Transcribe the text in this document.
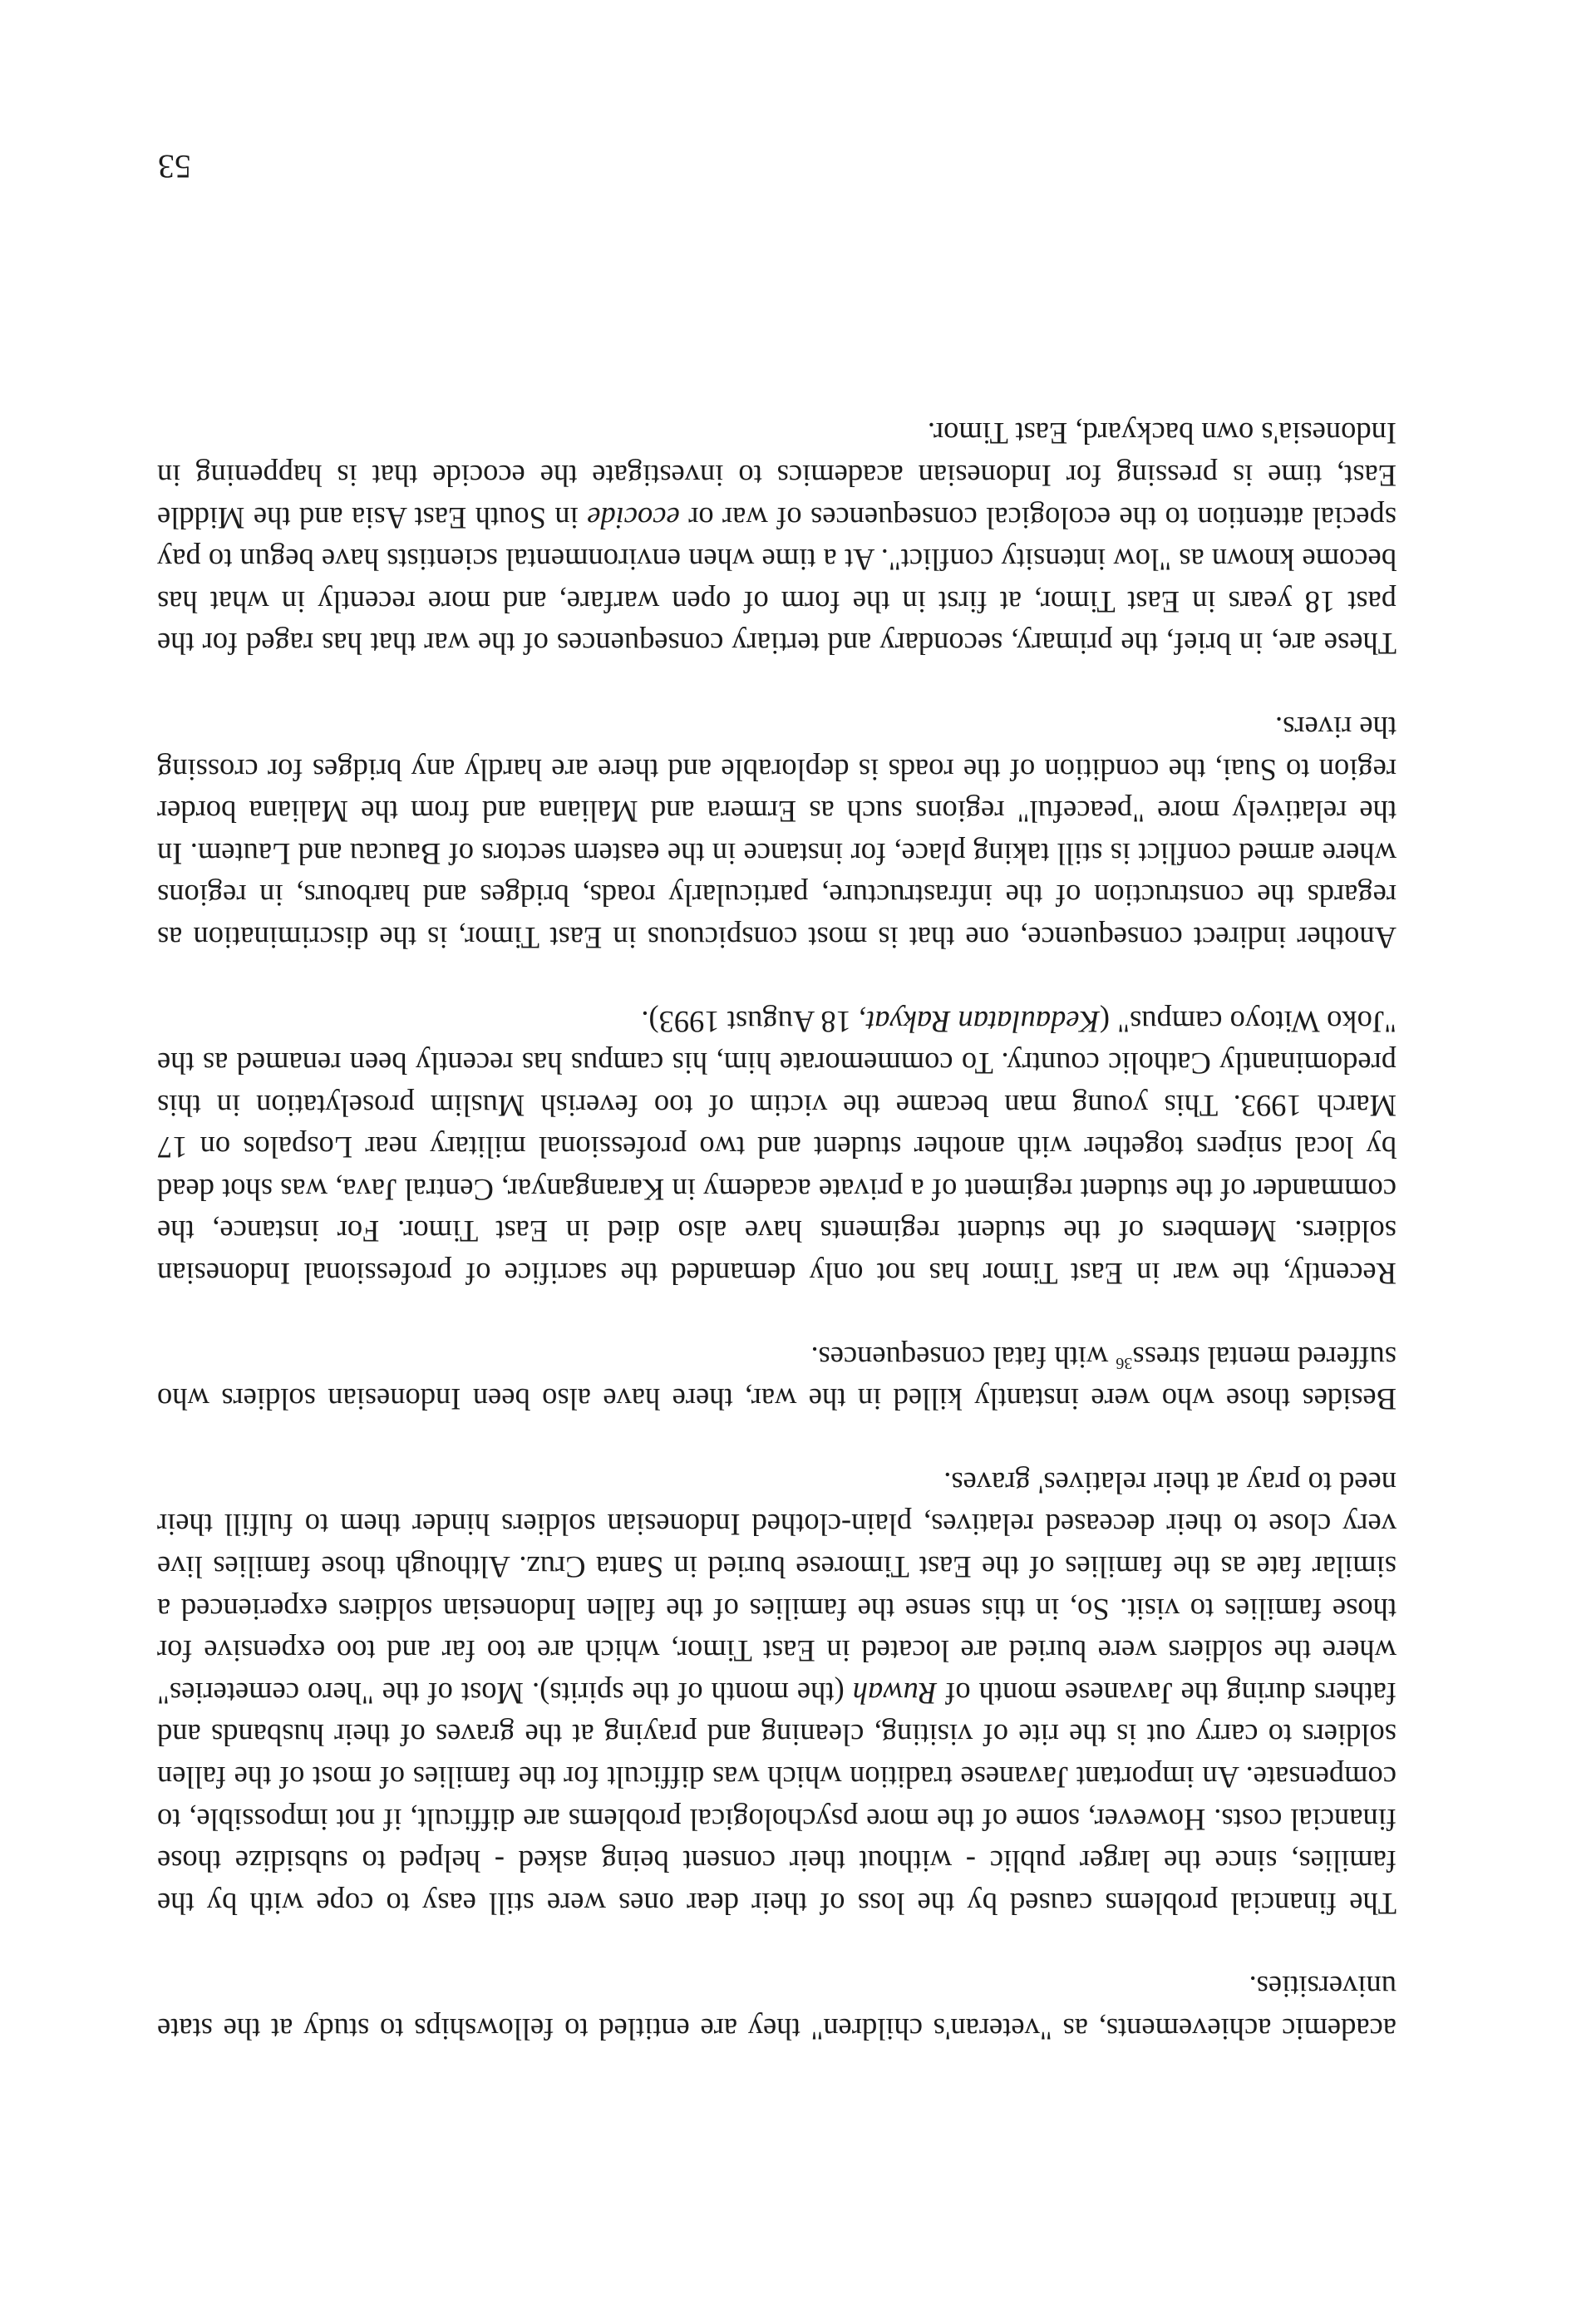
academic achievements, as "veteran's children" they are entitled to fellowships to study at the state universities.

The financial problems caused by the loss of their dear ones were still easy to cope with by the families, since the larger public - without their consent being asked - helped to subsidize those financial costs. However, some of the more psychological problems are difficult, if not impossible, to compensate. An important Javanese tradition which was difficult for the families of most of the fallen soldiers to carry out is the rite of visiting, cleaning and praying at the graves of their husbands and fathers during the Javanese month of Ruwah (the month of the spirits). Most of the "hero cemeteries" where the soldiers were buried are located in East Timor, which are too far and too expensive for those families to visit. So, in this sense the families of the fallen Indonesian soldiers experienced a similar fate as the families of the East Timorese buried in Santa Cruz. Although those families live very close to their deceased relatives, plain-clothed Indonesian soldiers hinder them to fulfill their need to pray at their relatives' graves.

Besides those who were instantly killed in the war, there have also been Indonesian soldiers who suffered mental stress$^{36}$ with fatal consequences.

Recently, the war in East Timor has not only demanded the sacrifice of professional Indonesian soldiers. Members of the student regiments have also died in East Timor. For instance, the commander of the student regiment of a private academy in Karanganyar, Central Java, was shot dead by local snipers together with another student and two professional military near Lospalos on 17 March 1993. This young man became the victim of too feverish Muslim proselytation in this predominantly Catholic country. To commemorate him, his campus has recently been renamed as the "Joko Witoyo campus" (Kedaulatan Rakyat, 18 August 1993).

Another indirect consequence, one that is most conspicuous in East Timor, is the discrimination as regards the construction of the infrastructure, particularly roads, bridges and harbours, in regions where armed conflict is still taking place, for instance in the eastern sectors of Baucau and Lautem. In the relatively more "peaceful" regions such as Ermera and Maliana and from the Maliana border region to Suai, the condition of the roads is deplorable and there are hardly any bridges for crossing the rivers.

These are, in brief, the primary, secondary and tertiary consequences of the war that has raged for the past 18 years in East Timor, at first in the form of open warfare, and more recently in what has become known as "low intensity conflict". At a time when environmental scientists have begun to pay special attention to the ecological consequences of war or ecocide in South East Asia and the Middle East, time is pressing for Indonesian academics to investigate the ecocide that is happening in Indonesia's own backyard, East Timor.

53
